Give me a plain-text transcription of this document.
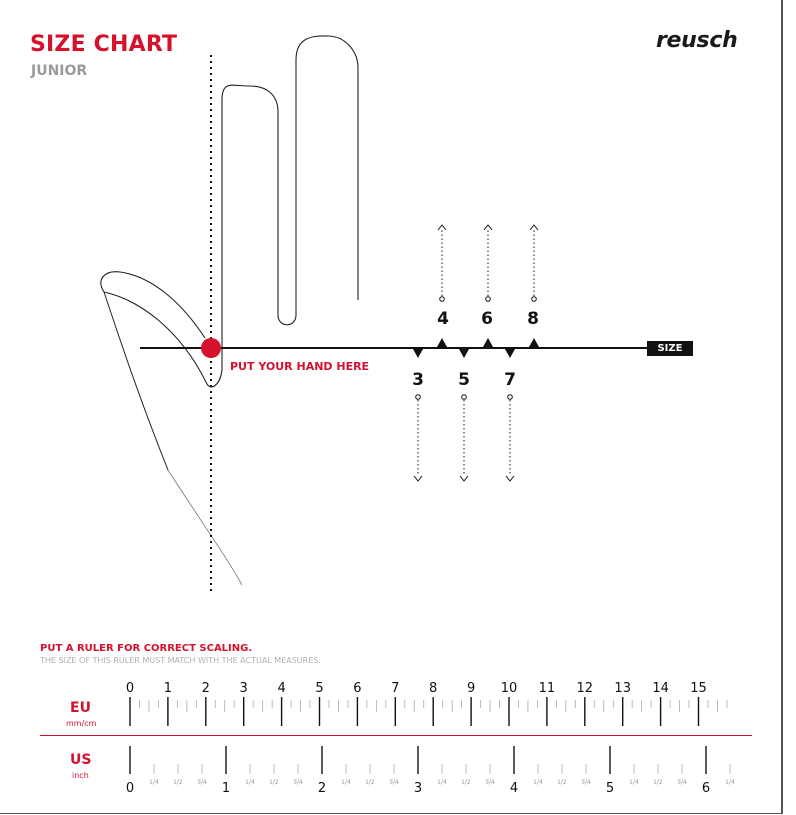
SIZE CHART
JUNIOR
reusch
PUT YOUR HAND HERE
SIZE
4	6	8
3	5	7
PUT A RULER FOR CORRECT SCALING.
THE SIZE OF THIS RULER MUST MATCH WITH THE ACTUAL MEASURES.
EU
mm/cm
US
inch
0 1 2 3 4 5 6 7 8 9 10 11 12 13 14 15
0	1/4 1/2 3/4 1	1/4 1/2 3/4 2	1/4 1/2 3/4 3	1/4 1/2 3/4 4	1/4 1/2 3/4 5	1/4 1/2 3/4 6	1/4
